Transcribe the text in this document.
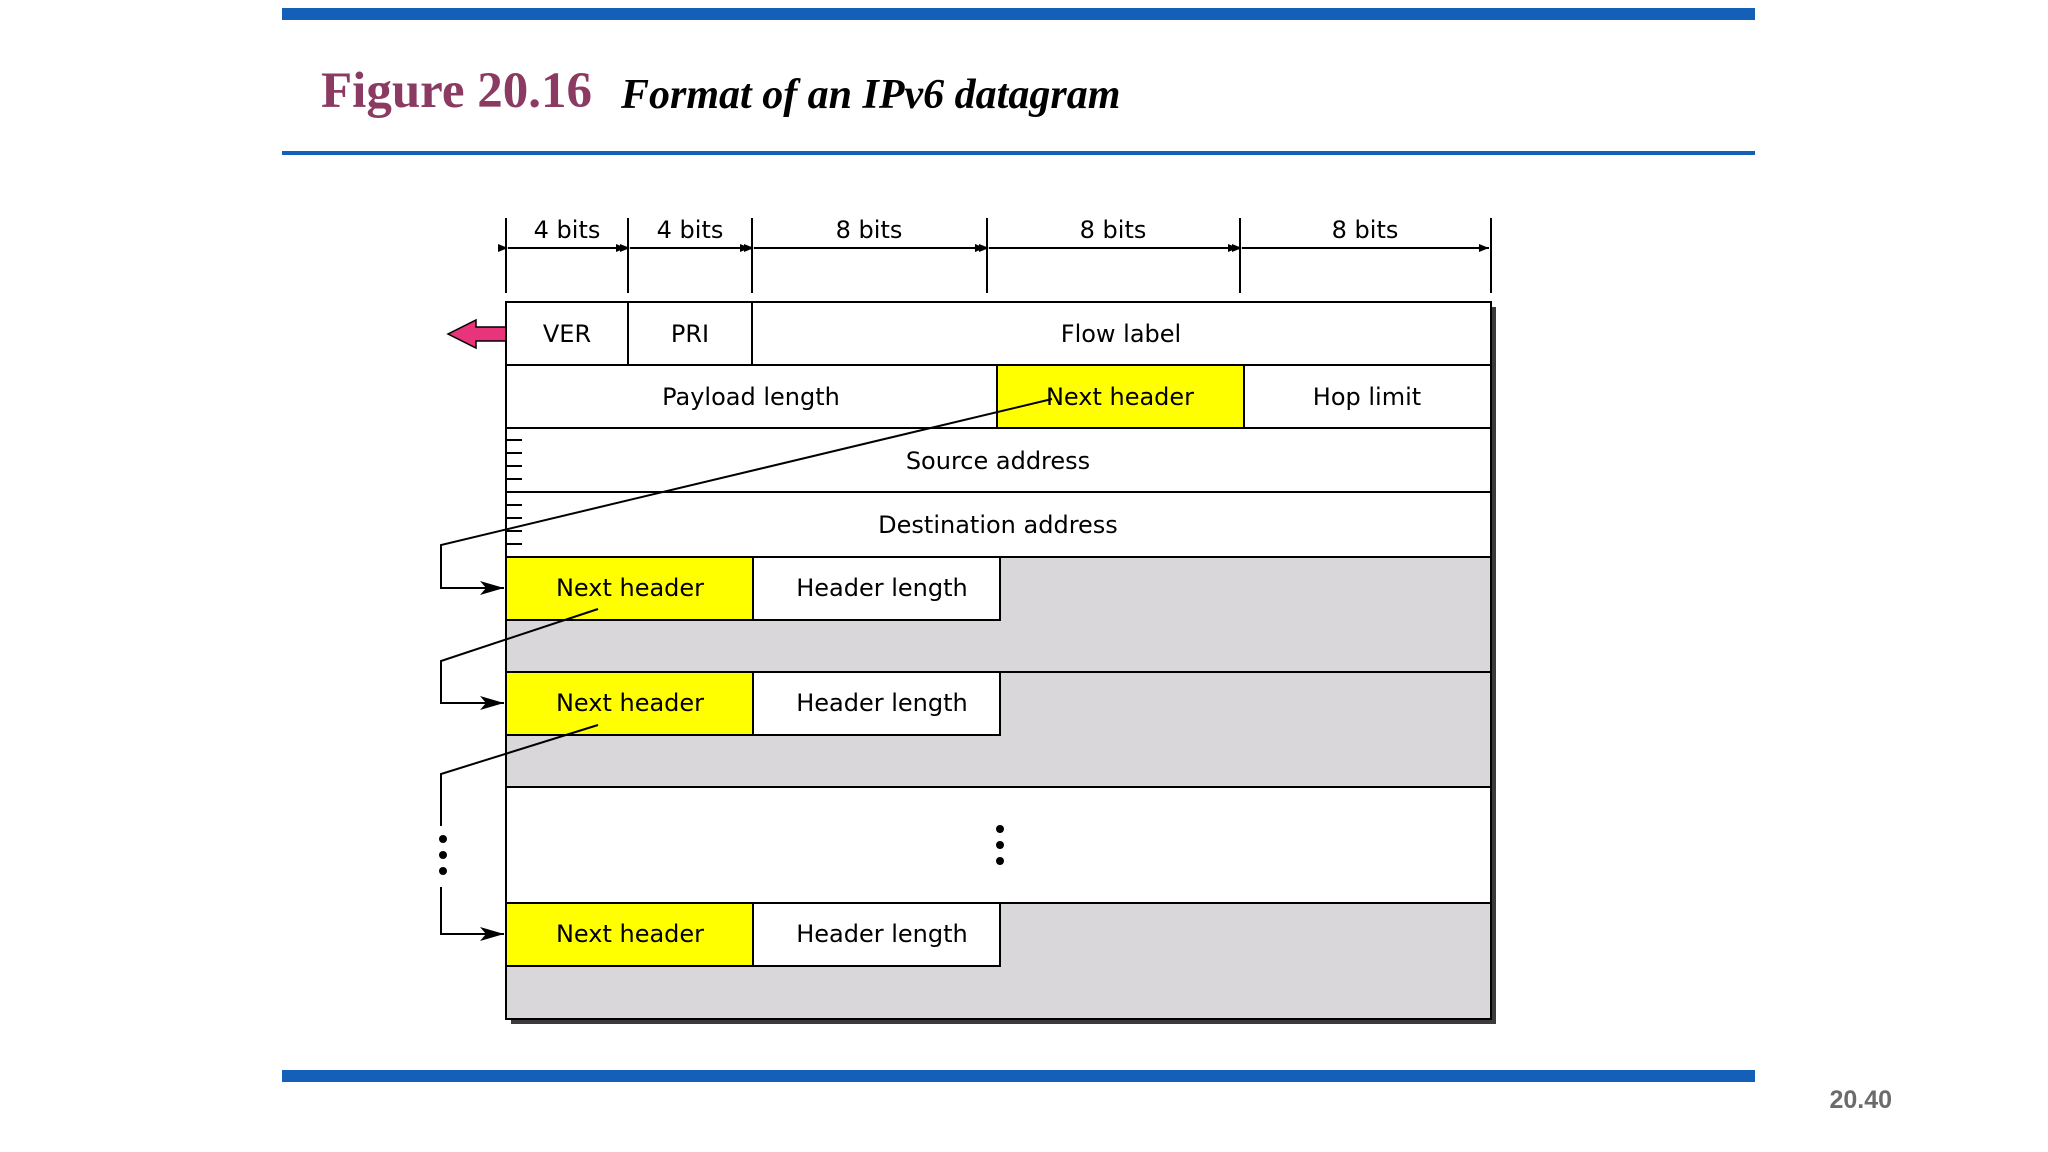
Figure 20.16 Format of an IPv6 datagram
4 bits 4 bits	8 bits	8 bits	8 bits
VER	PRI	Flow label
Payload length	Next header	Hop limit
Source address
Destination address
Next header	Header length
Next header	Header length
Next header	Header length
20.40
